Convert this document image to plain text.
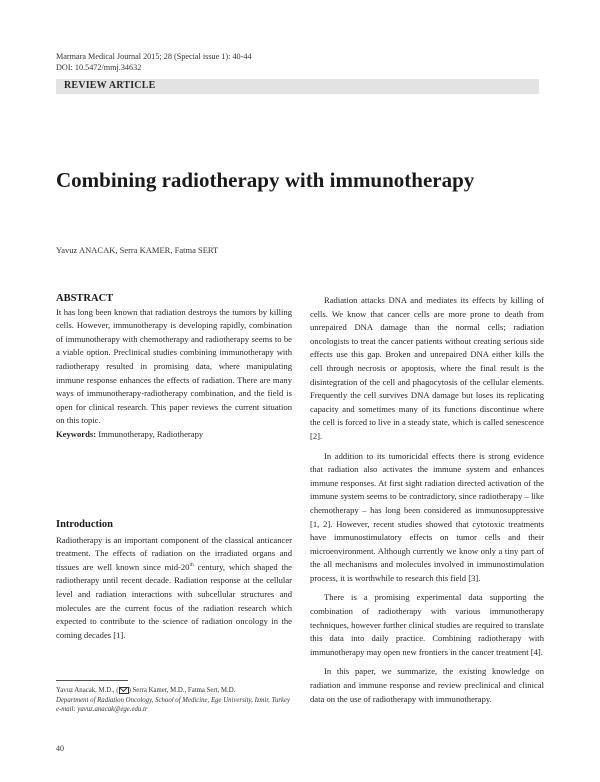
Marmara Medical Journal 2015; 28 (Special issue 1): 40-44
DOI: 10.5472/mmj.34632
REVIEW ARTICLE
Combining radiotherapy with immunotherapy
Yavuz ANACAK, Serra KAMER, Fatma SERT
ABSTRACT

It has long been known that radiation destroys the tumors by killing cells. However, immunotherapy is developing rapidly, combination of immunotherapy with chemotherapy and radiotherapy seems to be a viable option. Preclinical studies combining immunotherapy with radiotherapy resulted in promising data, where manipulating immune response enhances the effects of radiation. There are many ways of immunotherapy-radiotherapy combination, and the field is open for clinical research. This paper reviews the current situation on this topic.

Keywords: Immunotherapy, Radiotherapy

Introduction

Radiotherapy is an important component of the classical anticancer treatment. The effects of radiation on the irradiated organs and tissues are well known since mid-20th century, which shaped the radiotherapy until recent decade. Radiation response at the cellular level and radiation interactions with subcellular structures and molecules are the current focus of the radiation research which expected to contribute to the science of radiation oncology in the coming decades [1].

Radiation attacks DNA and mediates its effects by killing of cells. We know that cancer cells are more prone to death from unrepaired DNA damage than the normal cells; radiation oncologists to treat the cancer patients without creating serious side effects use this gap. Broken and unrepaired DNA either kills the cell through necrosis or apoptosis, where the final result is the disintegration of the cell and phagocytosis of the cellular elements. Frequently the cell survives DNA damage but loses its replicating capacity and sometimes many of its functions discontinue where the cell is forced to live in a steady state, which is called senescence [2].

In addition to its tumoricidal effects there is strong evidence that radiation also activates the immune system and enhances immune responses. At first sight radiation directed activation of the immune system seems to be contradictory, since radiotherapy – like chemotherapy – has long been considered as immunosuppressive [1, 2]. However, recent studies showed that cytotoxic treatments have immunostimulatory effects on tumor cells and their microenvironment. Although currently we know only a tiny part of the all mechanisms and molecules involved in immunostimulation process, it is worthwhile to research this field [3].

There is a promising experimental data supporting the combination of radiotherapy with various immunotherapy techniques, however further clinical studies are required to translate this data into daily practice. Combining radiotherapy with immunotherapy may open new frontiers in the cancer treatment [4].

In this paper, we summarize, the existing knowledge on radiation and immune response and review preclinical and clinical data on the use of radiotherapy with immunotherapy.

Yavuz Anacak, M.D., ( ) Serra Kamer, M.D., Fatma Sert, M.D.
Department of Radiation Oncology, School of Medicine, Ege University, Izmir, Turkey
e-mail: yavuz.anacak@ege.edu.tr
40
